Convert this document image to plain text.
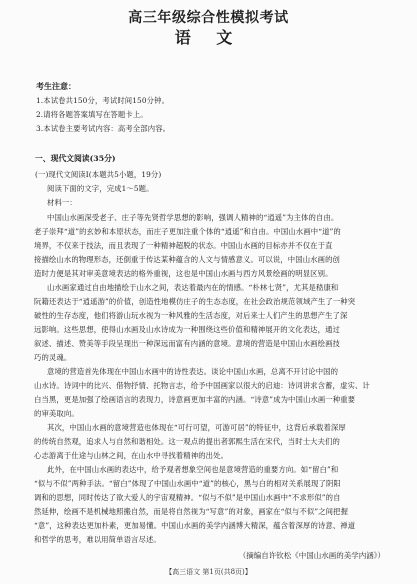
高三年级综合性模拟考试
语 文
考生注意：
1.本试卷共150分，考试时间150分钟。
2.请将各题答案填写在答题卡上。
3.本试卷主要考试内容：高考全部内容。
一、现代文阅读(35分)
(一)现代文阅读Ⅰ(本题共5小题，19分)
阅读下面的文字，完成1～5题。
材料一：
中国山水画深受老子、庄子等先贤哲学思想的影响，强调人精神的“逍遥”为主体的自由。
老子崇拜“道”的玄妙和本原状态，而庄子更加注重个体的“逍遥”和自由。中国山水画中“道”的
境界，不仅来于技法，而且表现了一种精神超脱的状态。中国山水画的目标亦并不仅在于直
接描绘山水的物理形态，还倒重于传达某种蕴含的人文与情感意义。可以说，中国山水画的创
造时力便是其对审美意境表达的格外重视，这也是中国山水画与西方风景绘画的明显区别。
山水画家通过自由地描绘于山水之间，表达着最内在的情感。“朴林七贤”，尤其是嵇康和
阮籍还表达于“逍遥游”的价值，创造性地模仿庄子的生态态度，在社会政治规范领域产生了一种突
破性的生存态度，他们将游山玩水视为一种风雅的生活态度，对后来士人们产生的思想产生了深
远影响。这些思想，使得山水画及山水诗成为一种围绕这些价值和精神展开的文化表达，通过
叙述、描述、赞美等手段呈现出一种深远而富有内涵的意境。意境的营造是中国山水画绘画技
巧的灵魂。
意境的营造首先体现在中国山水画中的诗性表达。谈论中国山水画，总离不开讨论中国的
山水诗。诗词中的比兴、借物抒情、托物言志，给予中国画家以很大的启迪：诗词讲求含蓄，虚实、计
白当黑，更是加强了绘画语言的表现力，诗意画更加丰富的内涵。“诗意”成为中国山水画一种重要
的审美取向。
其次，中国山水画的意境营造也体现在“可行可望，可游可居”的特征中，这背后承载着深厚
的传统自然观，追求人与自然和谐相处。这一观点的提出者郭熙生活在宋代，当时士大夫们的
心志游离于仕途与山林之间，在山水中寻找着精神的出处。
此外，在中国山水画的表达中，给予观者想象空间也是意境营造的重要方向。如“留白”和
“似与不似”两种手法。“留白”体现了中国山水画中“道”的核心，黑与白的相对关系展现了阴阳
调和的思想，同时传达了欲大爱人的宇宙观精神。“似与不似”是中国山水画中“不求形似”的自
然延伸，绘画不是机械地照搬自然，而是将自然视为“写意”的对象，画家在“似与不似”之间把握
“意”，这种表达更加朴素，更加易懂。中国山水画的美学内涵博大精深，蕴含着深厚的诗意、禅道
和哲学的思考，难以用简单语言尽述。
（摘编自许钦松《中国山水画的美学内涵》）
【高三语文 第1页(共8页)】
